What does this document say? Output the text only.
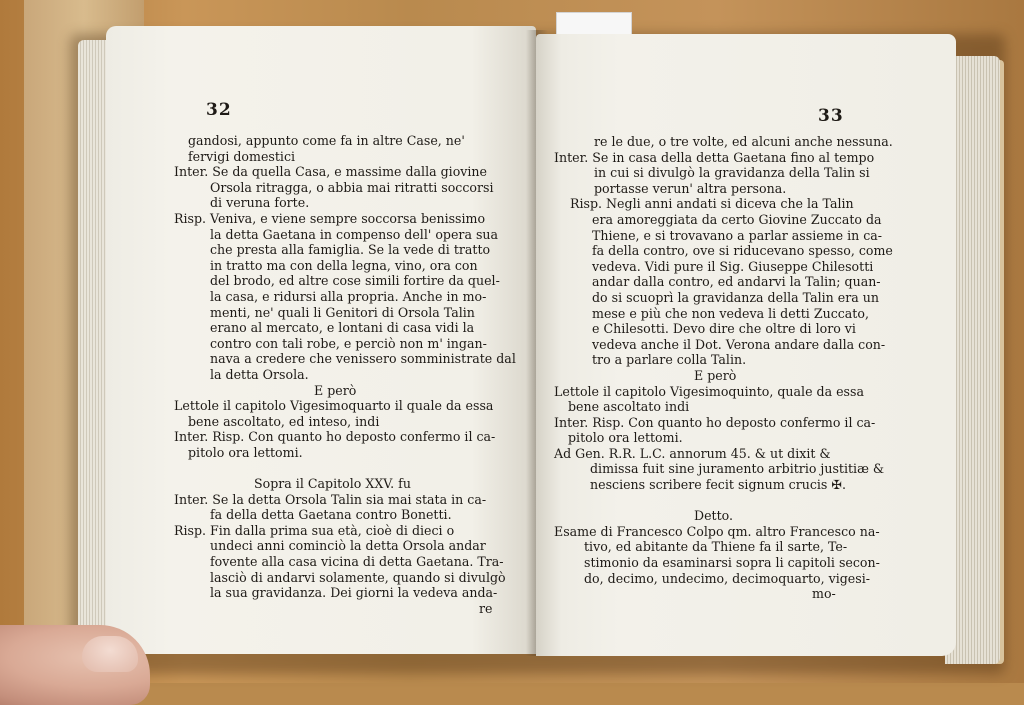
32
gandosi, appunto come fa in altre Case, ne'
fervigi domestici
Inter. Se da quella Casa, e massime dalla giovine
Orsola ritragga, o abbia mai ritratti soccorsi
di veruna forte.
Risp. Veniva, e viene sempre soccorsa benissimo
la detta Gaetana in compenso dell' opera sua
che presta alla famiglia. Se la vede di tratto
in tratto ma con della legna, vino, ora con
del brodo, ed altre cose simili fortire da quel-
la casa, e ridursi alla propria. Anche in mo-
menti, ne' quali li Genitori di Orsola Talin
erano al mercato, e lontani di casa vidi la
contro con tali robe, e perciò non m' ingan-
nava a credere che venissero somministrate dal
la detta Orsola.
E però
Lettole il capitolo Vigesimoquarto il quale da essa
bene ascoltato, ed inteso, indi
Inter. Risp. Con quanto ho deposto confermo il ca-
pitolo ora lettomi.
Sopra il Capitolo XXV. fu
Inter. Se la detta Orsola Talin sia mai stata in ca-
fa della detta Gaetana contro Bonetti.
Risp. Fin dalla prima sua età, cioè di dieci o
undeci anni cominciò la detta Orsola andar
fovente alla casa vicina di detta Gaetana. Tra-
lasciò di andarvi solamente, quando si divulgò
la sua gravidanza. Dei giorni la vedeva anda-
re
33
re le due, o tre volte, ed alcuni anche nessuna.
Inter. Se in casa della detta Gaetana fino al tempo
in cui si divulgò la gravidanza della Talin si
portasse verun' altra persona.
Risp. Negli anni andati si diceva che la Talin
era amoreggiata da certo Giovine Zuccato da
Thiene, e si trovavano a parlar assieme in ca-
fa della contro, ove si riducevano spesso, come
vedeva. Vidi pure il Sig. Giuseppe Chilesotti
andar dalla contro, ed andarvi la Talin; quan-
do si scuoprì la gravidanza della Talin era un
mese e più che non vedeva li detti Zuccato,
e Chilesotti. Devo dire che oltre di loro vi
vedeva anche il Dot. Verona andare dalla con-
tro a parlare colla Talin.
E però
Lettole il capitolo Vigesimoquinto, quale da essa
bene ascoltato indi
Inter. Risp. Con quanto ho deposto confermo il ca-
pitolo ora lettomi.
Ad Gen. R.R. L.C. annorum 45. & ut dixit &
dimissa fuit sine juramento arbitrio justitiæ &
nesciens scribere fecit signum crucis ✠.
Detto.
Esame di Francesco Colpo qm. altro Francesco na-
tivo, ed abitante da Thiene fa il sarte, Te-
stimonio da esaminarsi sopra li capitoli secon-
do, decimo, undecimo, decimoquarto, vigesi-
mo-
